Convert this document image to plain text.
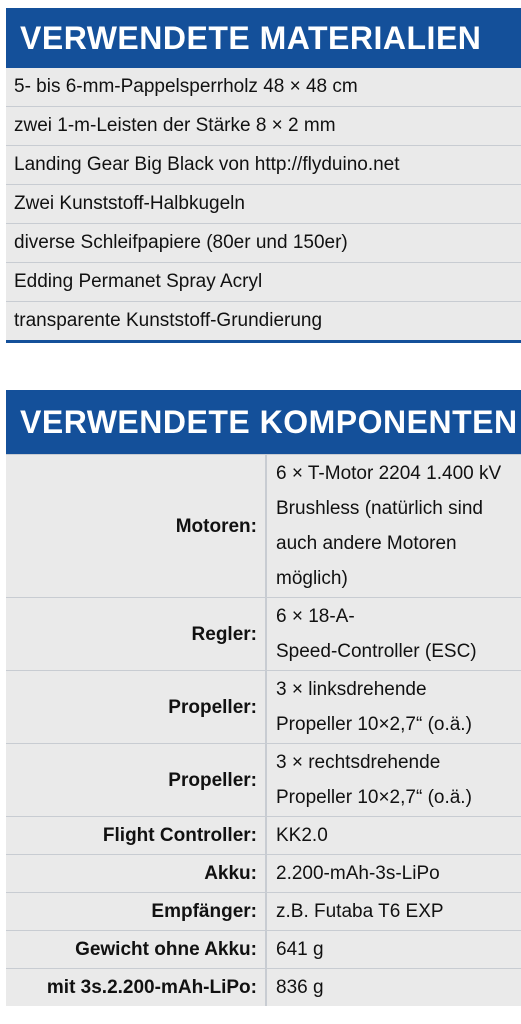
VERWENDETE MATERIALIEN
5- bis 6-mm-Pappelsperrholz 48 × 48 cm
zwei 1-m-Leisten der Stärke 8 × 2 mm
Landing Gear Big Black von http://flyduino.net
Zwei Kunststoff-Halbkugeln
diverse Schleifpapiere (80er und 150er)
Edding Permanet Spray Acryl
transparente Kunststoff-Grundierung
VERWENDETE KOMPONENTEN
Motoren:	6 × T-Motor 2204 1.400 kV
Brushless (natürlich sind
auch andere Motoren
möglich)

Regler:	6 × 18-A-
Speed-Controller (ESC)

Propeller:	3 × linksdrehende
Propeller 10×2,7“ (o.ä.)

Propeller:	3 × rechtsdrehende
Propeller 10×2,7“ (o.ä.)

Flight Controller:	KK2.0
Akku:	2.200-mAh-3s-LiPo
Empfänger:	z.B. Futaba T6 EXP
Gewicht ohne Akku:	641 g
mit 3s.2.200-mAh-LiPo:	836 g
